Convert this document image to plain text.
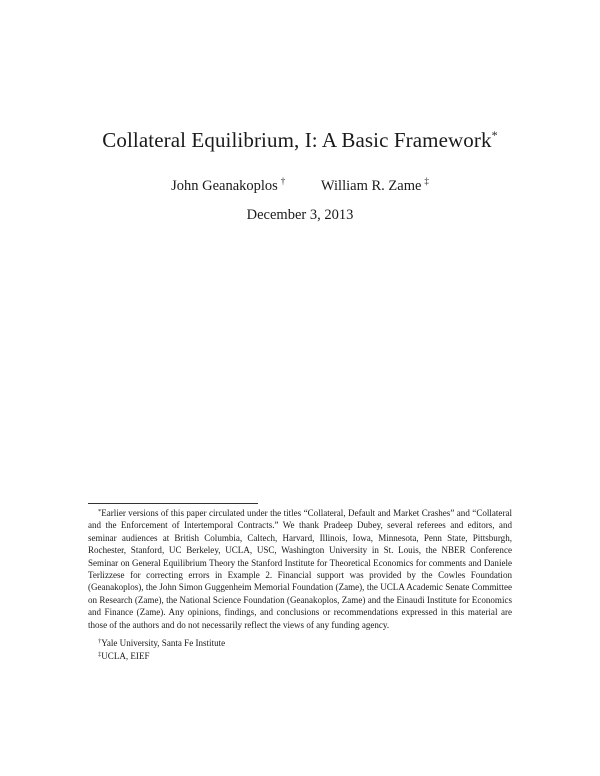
Collateral Equilibrium, I: A Basic Framework*
John Geanakoplos † William R. Zame ‡
December 3, 2013

*Earlier versions of this paper circulated under the titles “Collateral, Default and Market Crashes” and “Collateral and the Enforcement of Intertemporal Contracts.” We thank Pradeep Dubey, several referees and editors, and seminar audiences at British Columbia, Caltech, Harvard, Illinois, Iowa, Minnesota, Penn State, Pittsburgh, Rochester, Stanford, UC Berkeley, UCLA, USC, Washington University in St. Louis, the NBER Conference Seminar on General Equilibrium Theory the Stanford Institute for Theoretical Economics for comments and Daniele Terlizzese for correcting errors in Example 2. Financial support was provided by the Cowles Foundation (Geanakoplos), the John Simon Guggenheim Memorial Foundation (Zame), the UCLA Academic Senate Committee on Research (Zame), the National Science Foundation (Geanakoplos, Zame) and the Einaudi Institute for Economics and Finance (Zame). Any opinions, findings, and conclusions or recommendations expressed in this material are those of the authors and do not necessarily reflect the views of any funding agency.

†Yale University, Santa Fe Institute

‡UCLA, EIEF
